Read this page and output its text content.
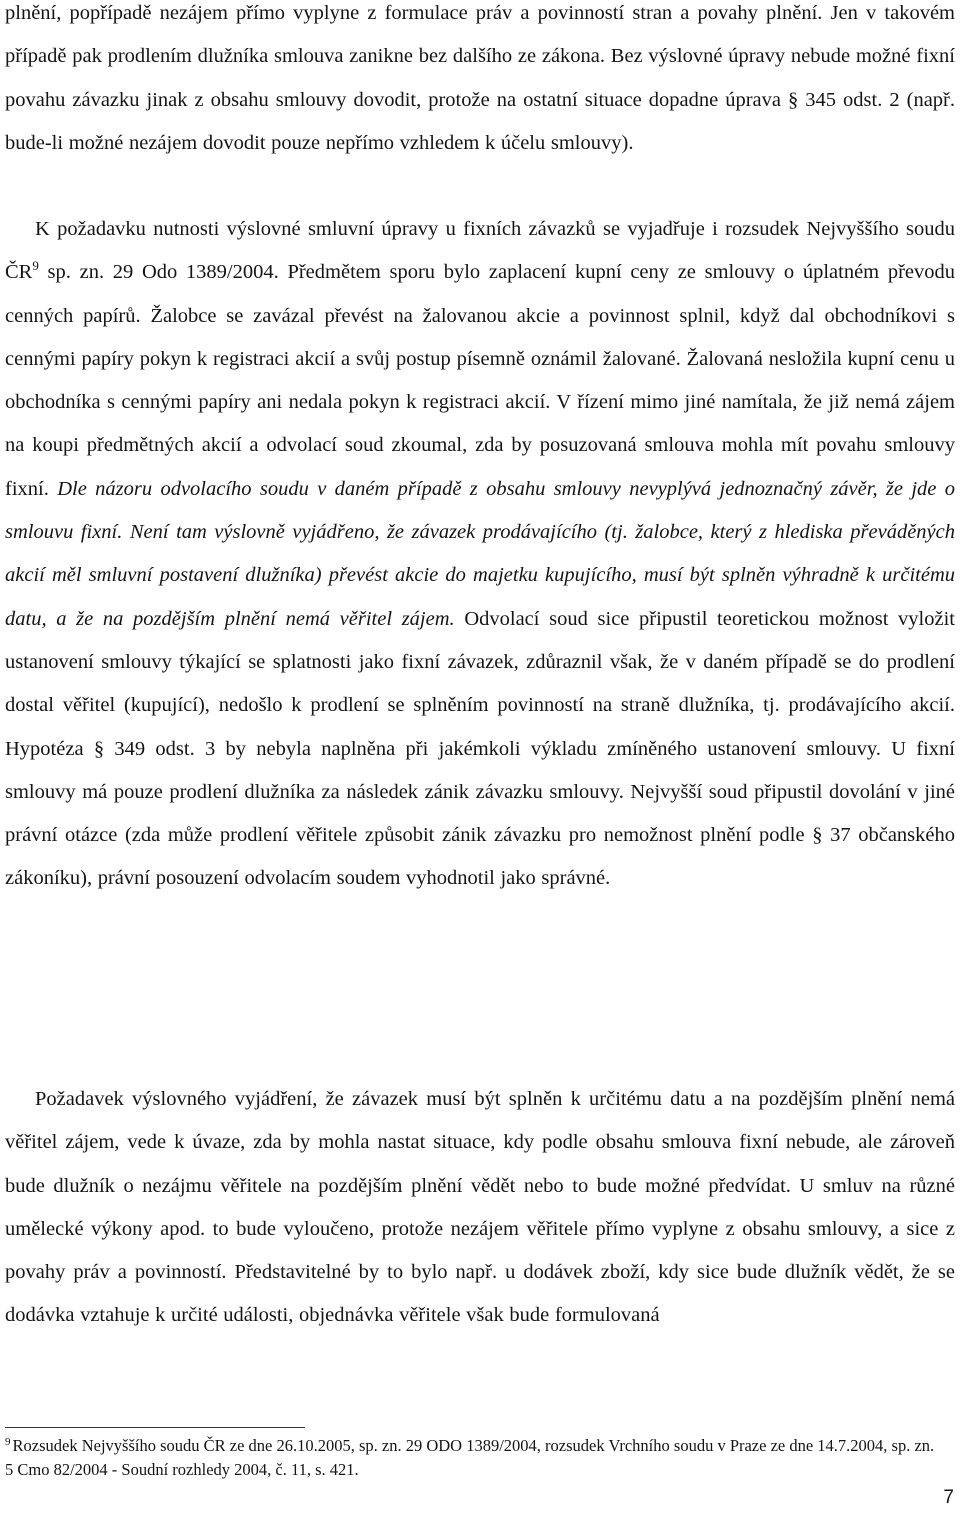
plnění, popřípadě nezájem přímo vyplyne z formulace práv a povinností stran a povahy plnění. Jen v takovém případě pak prodlením dlužníka smlouva zanikne bez dalšího ze zákona. Bez výslovné úpravy nebude možné fixní povahu závazku jinak z obsahu smlouvy dovodit, protože na ostatní situace dopadne úprava § 345 odst. 2 (např. bude-li možné nezájem dovodit pouze nepřímo vzhledem k účelu smlouvy).

K požadavku nutnosti výslovné smluvní úpravy u fixních závazků se vyjadřuje i rozsudek Nejvyššího soudu $ČR^9$ sp. zn. 29 Odo 1389/2004. Předmětem sporu bylo zaplacení kupní ceny ze smlouvy o úplatném převodu cenných papírů. Žalobce se zavázal převést na žalovanou akcie a povinnost splnil, když dal obchodníkovi s cennými papíry pokyn k registraci akcií a svůj postup písemně oznámil žalované. Žalovaná nesložila kupní cenu u obchodníka s cennými papíry ani nedala pokyn k registraci akcií. V řízení mimo jiné namítala, že již nemá zájem na koupi předmětných akcií a odvolací soud zkoumal, zda by posuzovaná smlouva mohla mít povahu smlouvy fixní. Dle názoru odvolacího soudu v daném případě z obsahu smlouvy nevyplývá jednoznačný závěr, že jde o smlouvu fixní. Není tam výslovně vyjádřeno, že závazek prodávajícího (tj. žalobce, který z hlediska převáděných akcií měl smluvní postavení dlužníka) převést akcie do majetku kupujícího, musí být splněn výhradně k určitému datu, a že na pozdějším plnění nemá věřitel zájem. Odvolací soud sice připustil teoretickou možnost vyložit ustanovení smlouvy týkající se splatnosti jako fixní závazek, zdůraznil však, že v daném případě se do prodlení dostal věřitel (kupující), nedošlo k prodlení se splněním povinností na straně dlužníka, tj. prodávajícího akcií. Hypotéza § 349 odst. 3 by nebyla naplněna při jakémkoli výkladu zmíněného ustanovení smlouvy. U fixní smlouvy má pouze prodlení dlužníka za následek zánik závazku smlouvy. Nejvyšší soud připustil dovolání v jiné právní otázce (zda může prodlení věřitele způsobit zánik závazku pro nemožnost plnění podle § 37 občanského zákoníku), právní posouzení odvolacím soudem vyhodnotil jako správné.

Požadavek výslovného vyjádření, že závazek musí být splněn k určitému datu a na pozdějším plnění nemá věřitel zájem, vede k úvaze, zda by mohla nastat situace, kdy podle obsahu smlouva fixní nebude, ale zároveň bude dlužník o nezájmu věřitele na pozdějším plnění vědět nebo to bude možné předvídat. U smluv na různé umělecké výkony apod. to bude vyloučeno, protože nezájem věřitele přímo vyplyne z obsahu smlouvy, a sice z povahy práv a povinností. Představitelné by to bylo např. u dodávek zboží, kdy sice bude dlužník vědět, že se dodávka vztahuje k určité události, objednávka věřitele však bude formulovaná

$^9$ Rozsudek Nejvyššího soudu ČR ze dne 26.10.2005, sp. zn. 29 ODO 1389/2004, rozsudek Vrchního soudu v Praze ze dne 14.7.2004, sp. zn. 5 Cmo 82/2004 - Soudní rozhledy 2004, č. 11, s. 421.

7
